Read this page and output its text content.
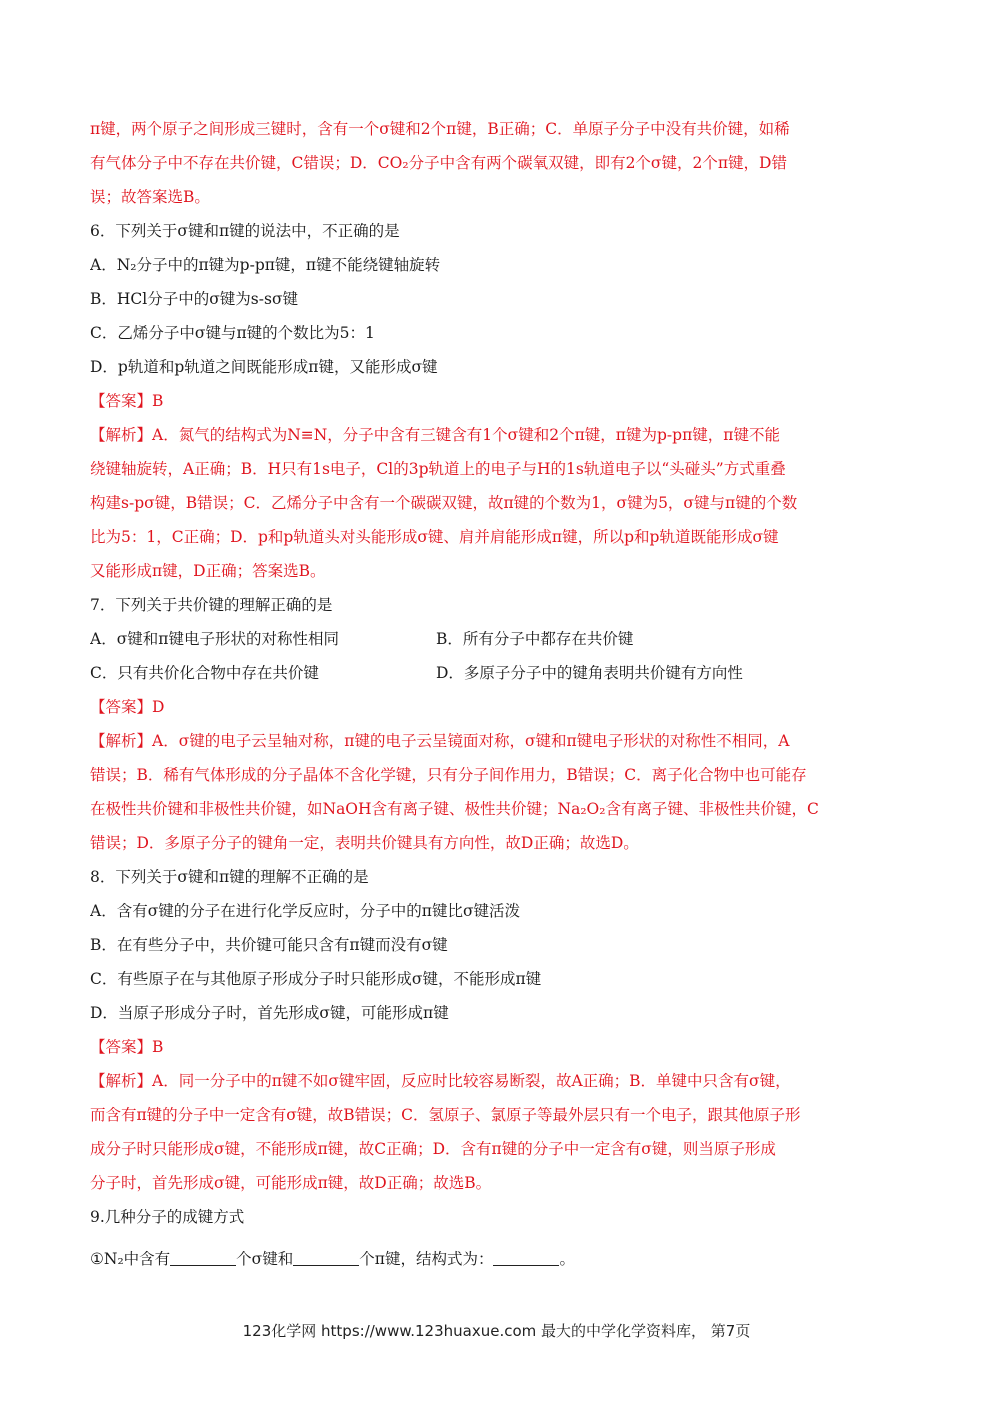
π键，两个原子之间形成三键时，含有一个σ键和2个π键，B正确；C．单原子分子中没有共价键，如稀
有气体分子中不存在共价键，C错误；D．CO₂分子中含有两个碳氧双键，即有2个σ键，2个π键，D错
误；故答案选B。
6．下列关于σ键和π键的说法中，不正确的是
A．N₂分子中的π键为p-pπ键，π键不能绕键轴旋转
B．HCl分子中的σ键为s-sσ键
C．乙烯分子中σ键与π键的个数比为5：1
D．p轨道和p轨道之间既能形成π键，又能形成σ键
【答案】B
【解析】A．氮气的结构式为N≡N，分子中含有三键含有1个σ键和2个π键，π键为p-pπ键，π键不能
绕键轴旋转，A正确；B．H只有1s电子，Cl的3p轨道上的电子与H的1s轨道电子以“头碰头”方式重叠
构建s-pσ键，B错误；C．乙烯分子中含有一个碳碳双键，故π键的个数为1，σ键为5，σ键与π键的个数
比为5：1，C正确；D．p和p轨道头对头能形成σ键、肩并肩能形成π键，所以p和p轨道既能形成σ键
又能形成π键，D正确；答案选B。
7．下列关于共价键的理解正确的是
A．σ键和π键电子形状的对称性相同	B．所有分子中都存在共价键
C．只有共价化合物中存在共价键	D．多原子分子中的键角表明共价键有方向性
【答案】D
【解析】A．σ键的电子云呈轴对称，π键的电子云呈镜面对称，σ键和π键电子形状的对称性不相同，A
错误；B．稀有气体形成的分子晶体不含化学键，只有分子间作用力，B错误；C．离子化合物中也可能存
在极性共价键和非极性共价键，如NaOH含有离子键、极性共价键；Na₂O₂含有离子键、非极性共价键，C
错误；D．多原子分子的键角一定，表明共价键具有方向性，故D正确；故选D。
8．下列关于σ键和π键的理解不正确的是
A．含有σ键的分子在进行化学反应时，分子中的π键比σ键活泼
B．在有些分子中，共价键可能只含有π键而没有σ键
C．有些原子在与其他原子形成分子时只能形成σ键，不能形成π键
D．当原子形成分子时，首先形成σ键，可能形成π键
【答案】B
【解析】A．同一分子中的π键不如σ键牢固，反应时比较容易断裂，故A正确；B．单键中只含有σ键，
而含有π键的分子中一定含有σ键，故B错误；C．氢原子、氯原子等最外层只有一个电子，跟其他原子形
成分子时只能形成σ键，不能形成π键，故C正确；D．含有π键的分子中一定含有σ键，则当原子形成
分子时，首先形成σ键，可能形成π键，故D正确；故选B。
9.几种分子的成键方式
①N₂中含有	个σ键和	个π键，结构式为：	。
123化学网 https://www.123huaxue.com 最大的中学化学资料库， 第7页
